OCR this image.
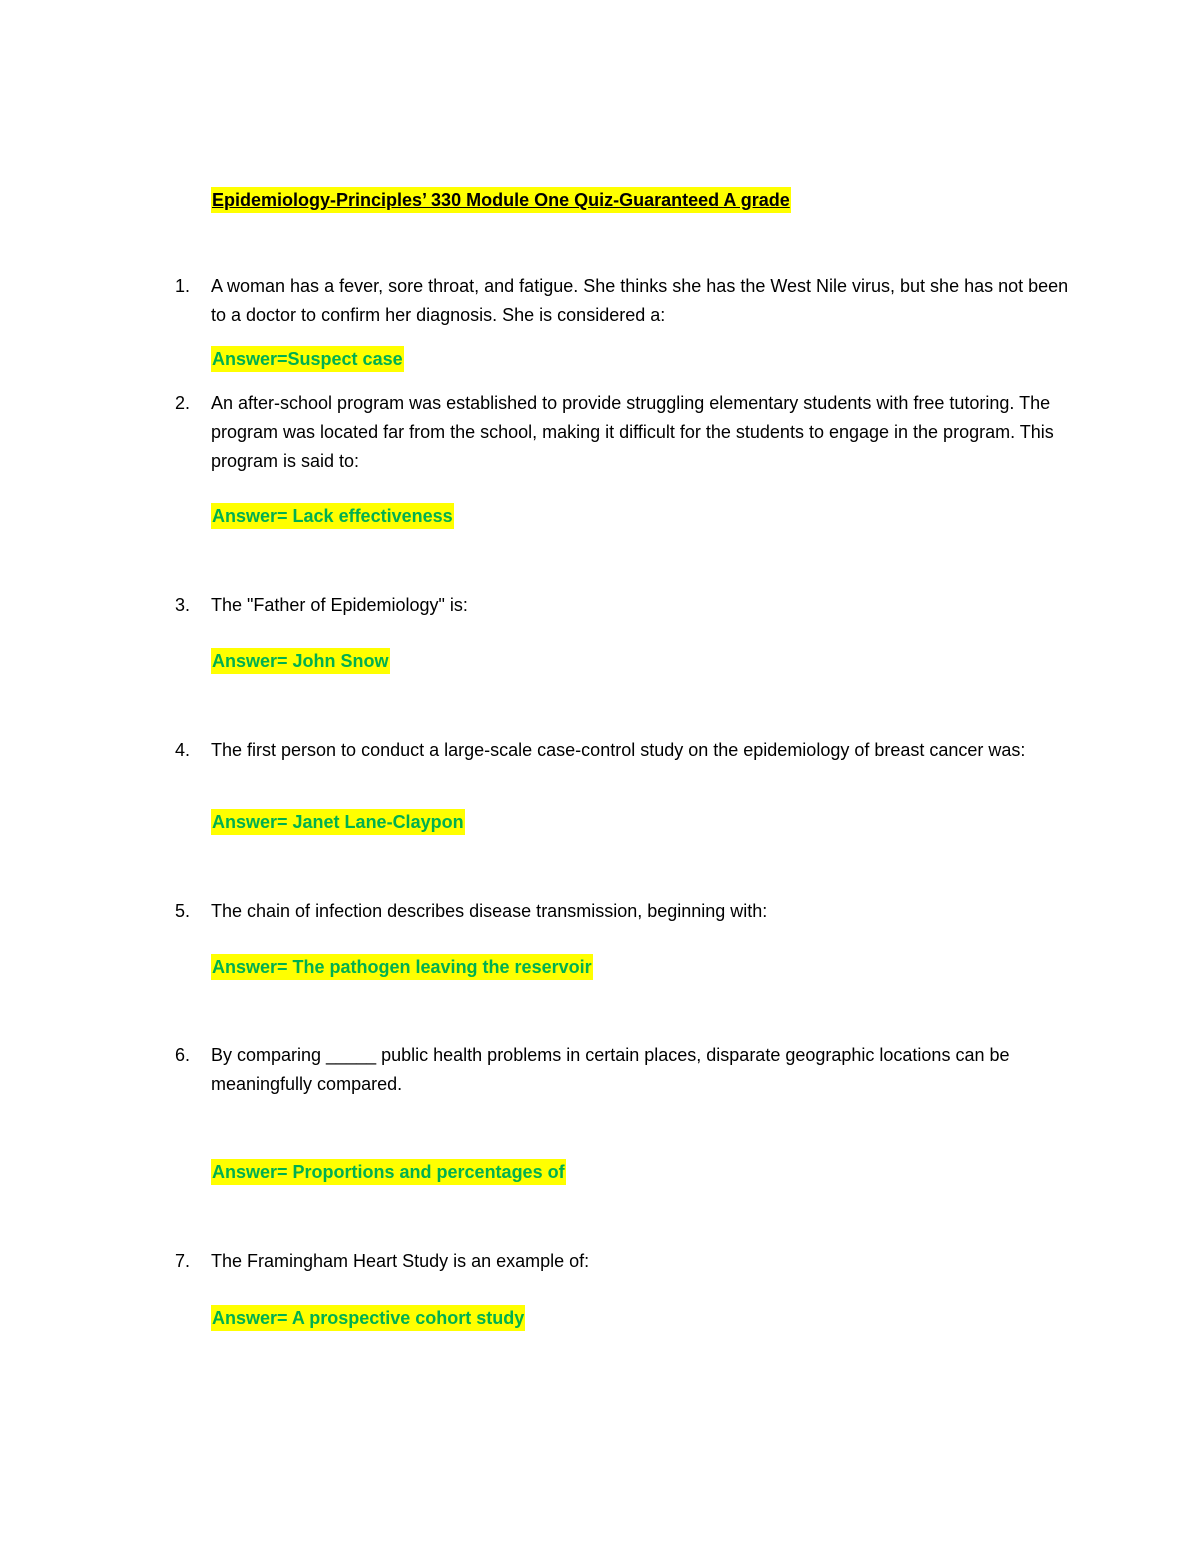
Epidemiology-Principles’ 330 Module One Quiz-Guaranteed A grade
1. A woman has a fever, sore throat, and fatigue. She thinks she has the West Nile virus, but she has not been to a doctor to confirm her diagnosis. She is considered a:
Answer=Suspect case
2. An after-school program was established to provide struggling elementary students with free tutoring. The program was located far from the school, making it difficult for the students to engage in the program. This program is said to:
Answer= Lack effectiveness
3. The "Father of Epidemiology" is:
Answer= John Snow
4. The first person to conduct a large-scale case-control study on the epidemiology of breast cancer was:
Answer= Janet Lane-Claypon
5. The chain of infection describes disease transmission, beginning with:
Answer= The pathogen leaving the reservoir
6. By comparing _____ public health problems in certain places, disparate geographic locations can be meaningfully compared.
Answer= Proportions and percentages of
7. The Framingham Heart Study is an example of:
Answer= A prospective cohort study
